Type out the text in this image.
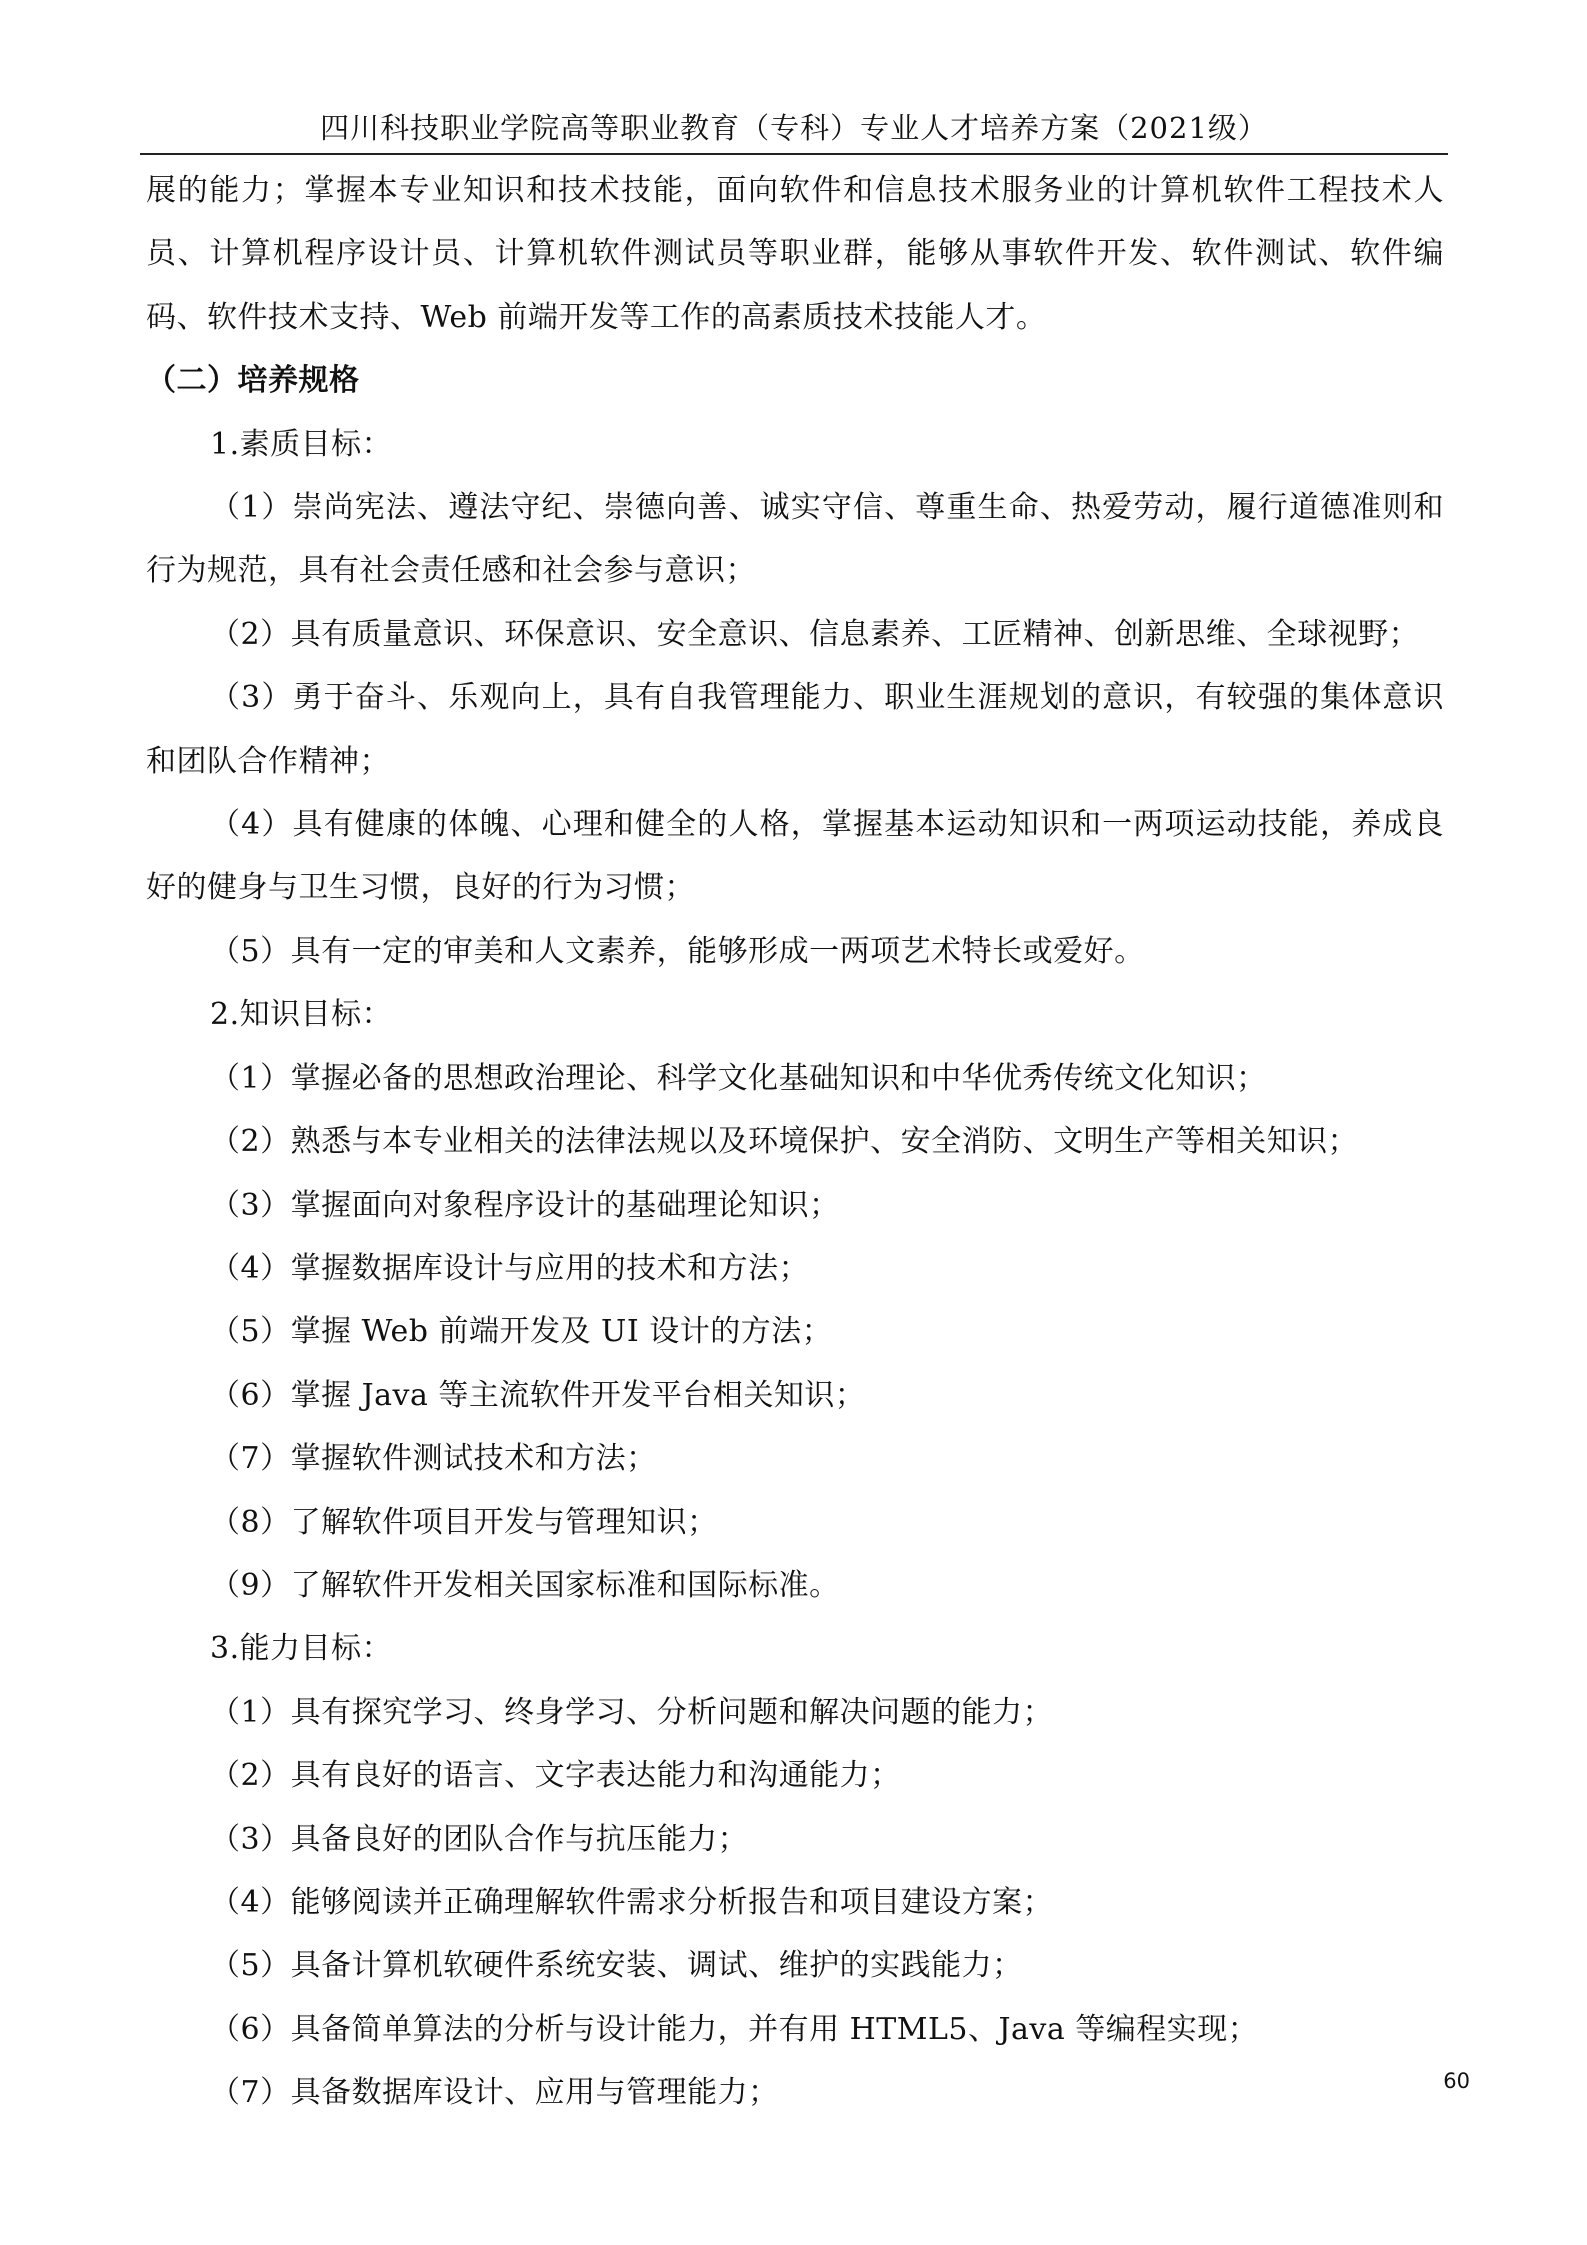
四川科技职业学院高等职业教育（专科）专业人才培养方案（2021级）

展的能力；掌握本专业知识和技术技能，面向软件和信息技术服务业的计算机软件工程技术人员、计算机程序设计员、计算机软件测试员等职业群，能够从事软件开发、软件测试、软件编码、软件技术支持、Web 前端开发等工作的高素质技术技能人才。

（二）培养规格

1.素质目标：

（1）崇尚宪法、遵法守纪、崇德向善、诚实守信、尊重生命、热爱劳动，履行道德准则和行为规范，具有社会责任感和社会参与意识；

（2）具有质量意识、环保意识、安全意识、信息素养、工匠精神、创新思维、全球视野；

（3）勇于奋斗、乐观向上，具有自我管理能力、职业生涯规划的意识，有较强的集体意识和团队合作精神；

（4）具有健康的体魄、心理和健全的人格，掌握基本运动知识和一两项运动技能，养成良好的健身与卫生习惯，良好的行为习惯；

（5）具有一定的审美和人文素养，能够形成一两项艺术特长或爱好。

2.知识目标：

（1）掌握必备的思想政治理论、科学文化基础知识和中华优秀传统文化知识；

（2）熟悉与本专业相关的法律法规以及环境保护、安全消防、文明生产等相关知识；

（3）掌握面向对象程序设计的基础理论知识；

（4）掌握数据库设计与应用的技术和方法；

（5）掌握 Web 前端开发及 UI 设计的方法；

（6）掌握 Java 等主流软件开发平台相关知识；

（7）掌握软件测试技术和方法；

（8）了解软件项目开发与管理知识；

（9）了解软件开发相关国家标准和国际标准。

3.能力目标：

（1）具有探究学习、终身学习、分析问题和解决问题的能力；

（2）具有良好的语言、文字表达能力和沟通能力；

（3）具备良好的团队合作与抗压能力；

（4）能够阅读并正确理解软件需求分析报告和项目建设方案；

（5）具备计算机软硬件系统安装、调试、维护的实践能力；

（6）具备简单算法的分析与设计能力，并有用 HTML5、Java 等编程实现；

（7）具备数据库设计、应用与管理能力；	60
